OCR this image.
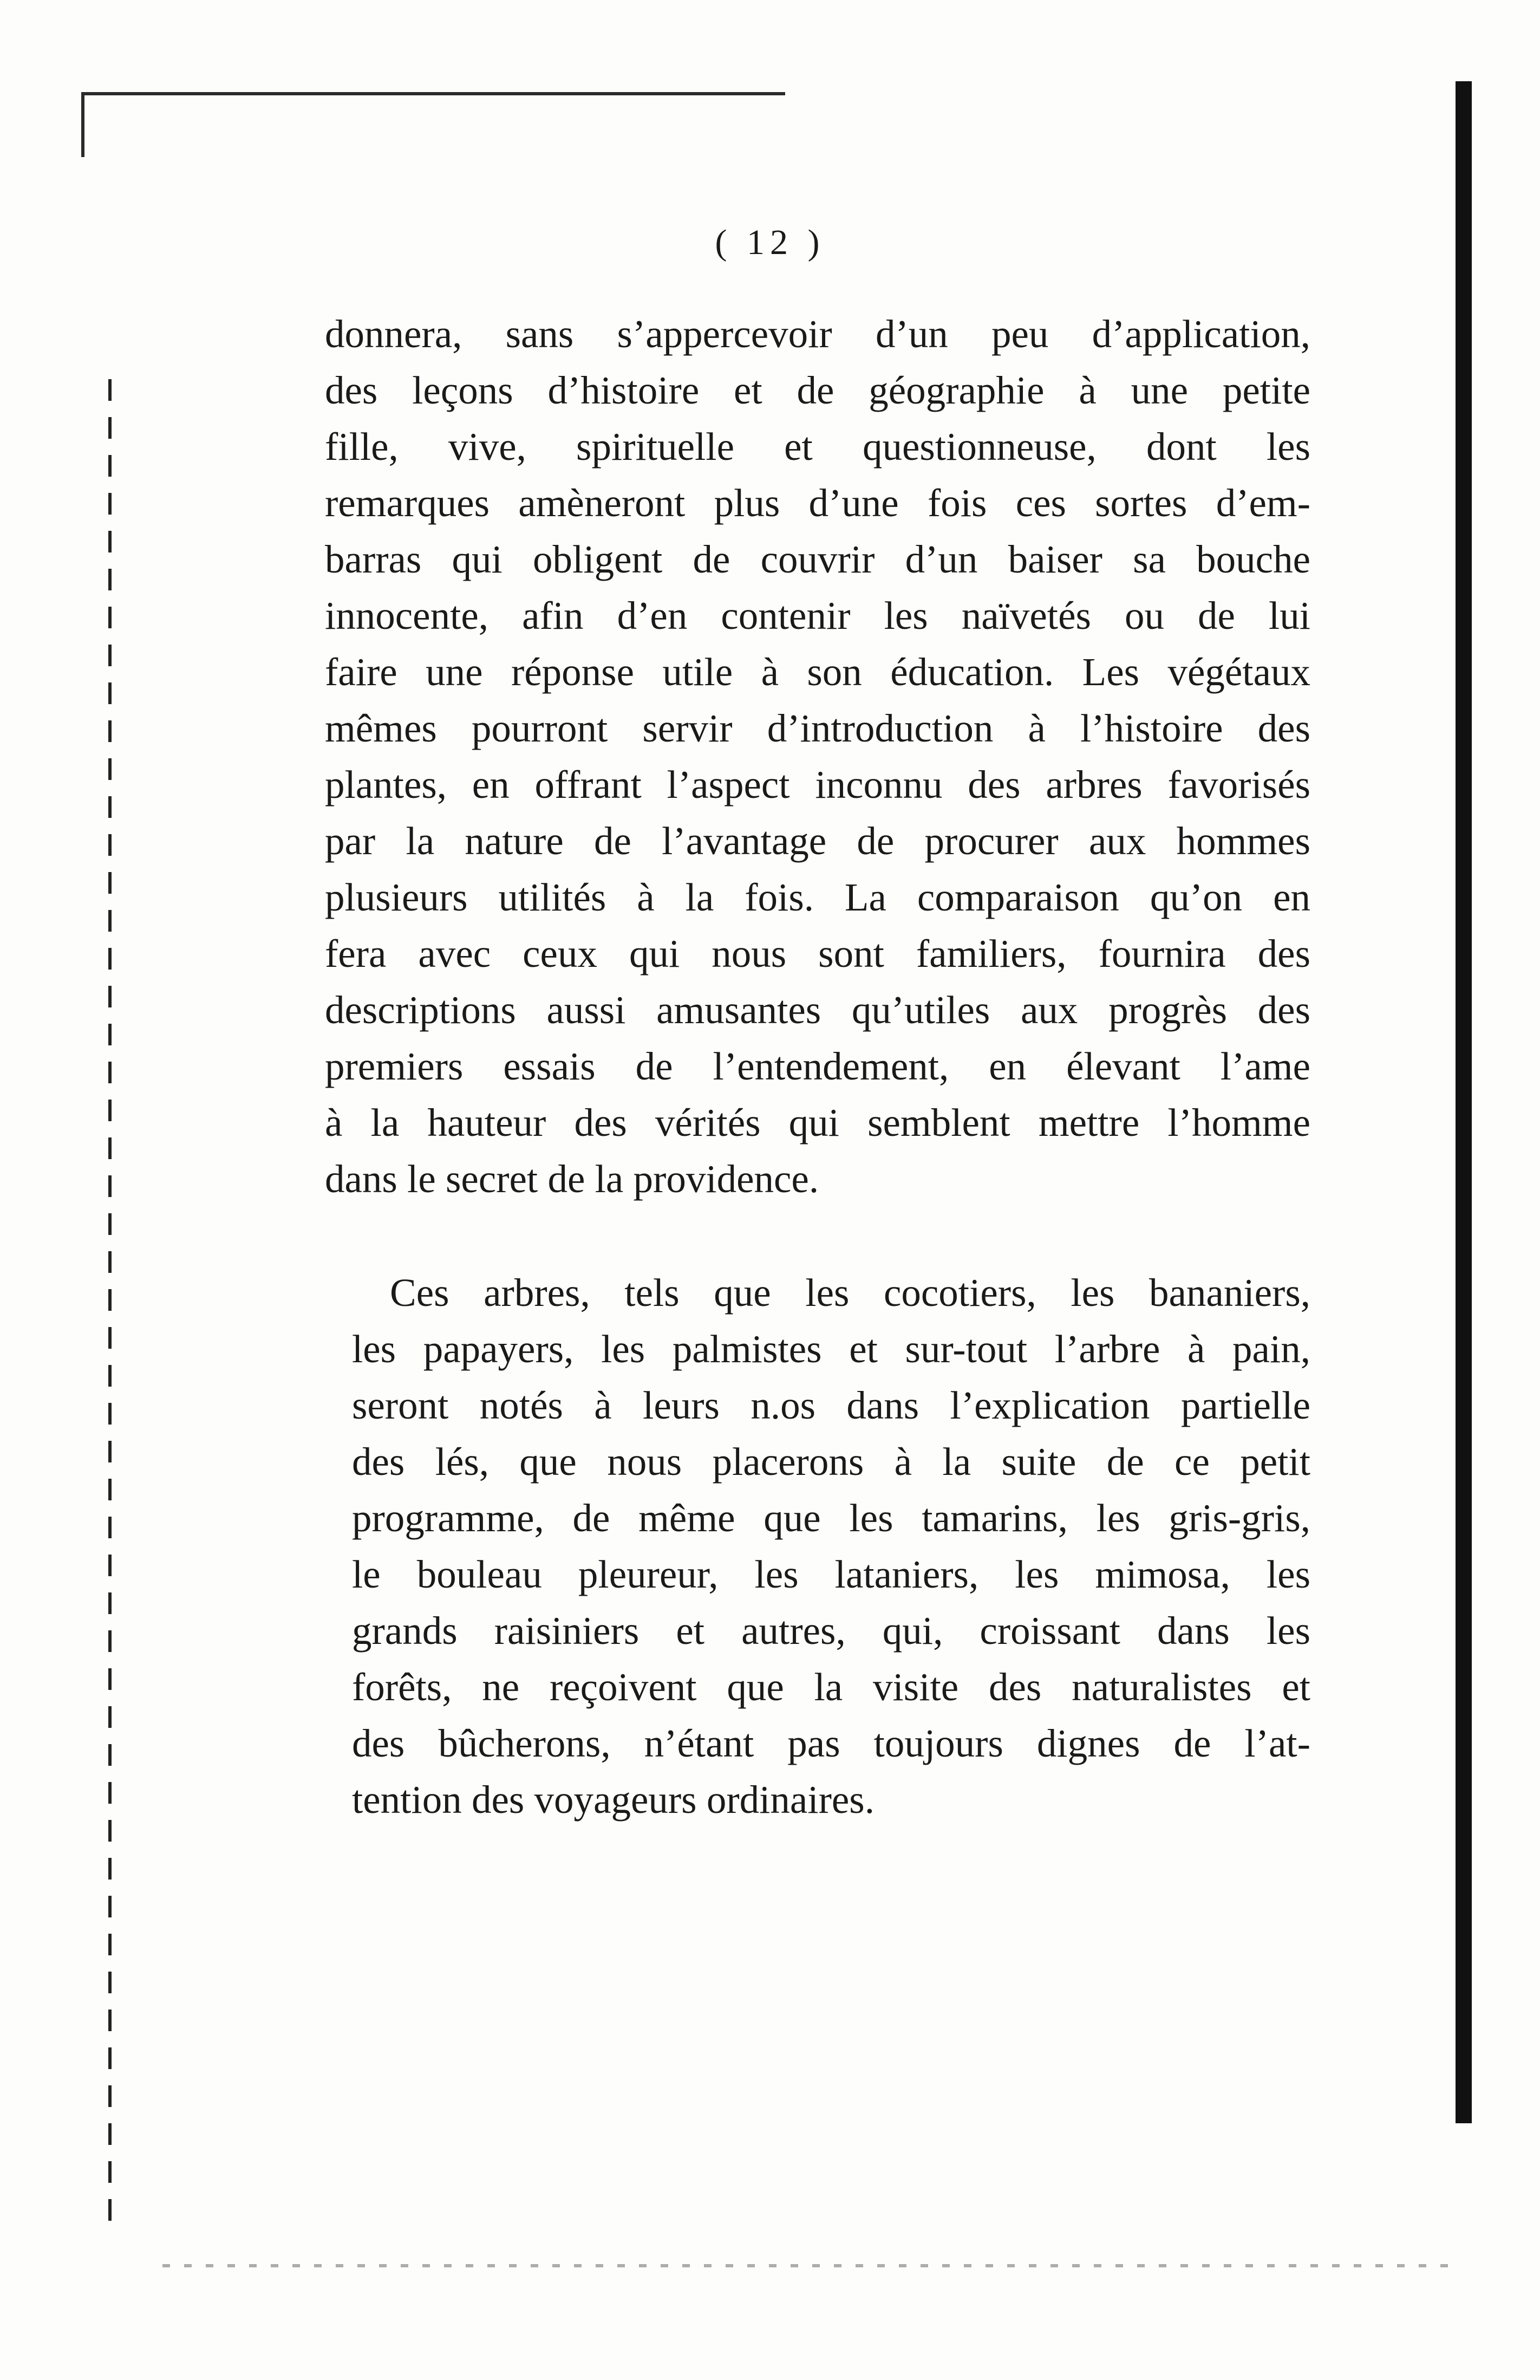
( 12 )
donnera, sans s’appercevoir d’un peu d’application,
des leçons d’histoire et de géographie à une petite
fille, vive, spirituelle et questionneuse, dont les
remarques amèneront plus d’une fois ces sortes d’em-
barras qui obligent de couvrir d’un baiser sa bouche
innocente, afin d’en contenir les naïvetés ou de lui
faire une réponse utile à son éducation. Les végétaux
mêmes pourront servir d’introduction à l’histoire des
plantes, en offrant l’aspect inconnu des arbres favorisés
par la nature de l’avantage de procurer aux hommes
plusieurs utilités à la fois. La comparaison qu’on en
fera avec ceux qui nous sont familiers, fournira des
descriptions aussi amusantes qu’utiles aux progrès des
premiers essais de l’entendement, en élevant l’ame
à la hauteur des vérités qui semblent mettre l’homme
dans le secret de la providence.
Ces arbres, tels que les cocotiers, les bananiers,
les papayers, les palmistes et sur-tout l’arbre à pain,
seront notés à leurs n.os dans l’explication partielle
des lés, que nous placerons à la suite de ce petit
programme, de même que les tamarins, les gris-gris,
le bouleau pleureur, les lataniers, les mimosa, les
grands raisiniers et autres, qui, croissant dans les
forêts, ne reçoivent que la visite des naturalistes et
des bûcherons, n’étant pas toujours dignes de l’at-
tention des voyageurs ordinaires.
